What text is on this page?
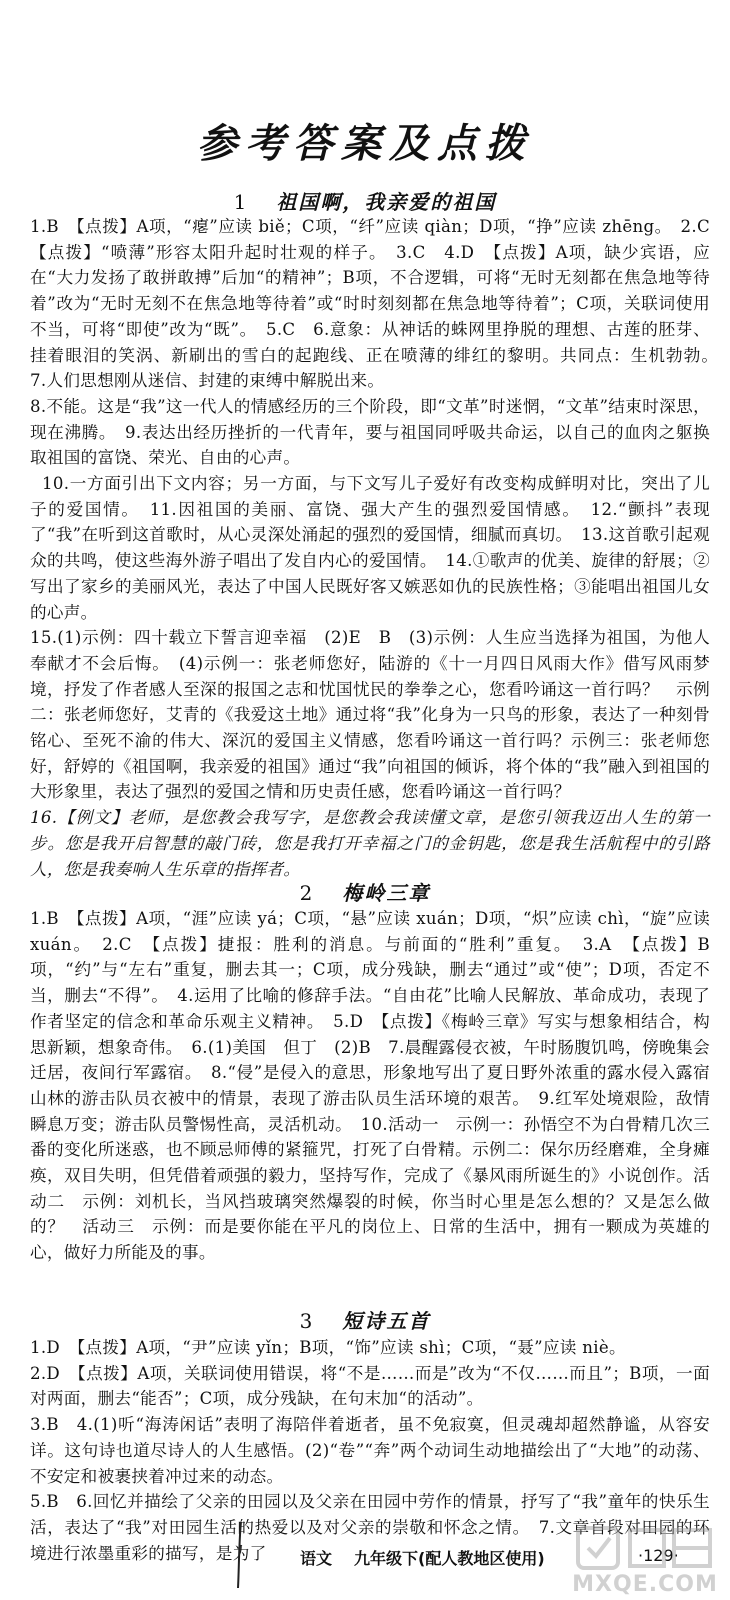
参考答案及点拨
1 祖国啊，我亲爱的祖国

1.B　【点拨】A项，“瘪”应读 biě；C项，“纤”应读 qiàn；D项，“挣”应读 zhēng。　2.C　【点拨】“喷薄”形容太阳升起时壮观的样子。　3.C　4.D　【点拨】A项，缺少宾语，应在“大力发扬了敢拼敢搏”后加“的精神”；B项，不合逻辑，可将“无时无刻都在焦急地等待着”改为“无时无刻不在焦急地等待着”或“时时刻刻都在焦急地等待着”；C项，关联词使用不当，可将“即使”改为“既”。　5.C　6.意象：从神话的蛛网里挣脱的理想、古莲的胚芽、挂着眼泪的笑涡、新刷出的雪白的起跑线、正在喷薄的绯红的黎明。共同点：生机勃勃。　7.人们思想刚从迷信、封建的束缚中解脱出来。

8.不能。这是“我”这一代人的情感经历的三个阶段，即“文革”时迷惘，“文革”结束时深思，现在沸腾。　9.表达出经历挫折的一代青年，要与祖国同呼吸共命运，以自己的血肉之躯换取祖国的富饶、荣光、自由的心声。

10.一方面引出下文内容；另一方面，与下文写儿子爱好有改变构成鲜明对比，突出了儿子的爱国情。　11.因祖国的美丽、富饶、强大产生的强烈爱国情感。　12.“颤抖”表现了“我”在听到这首歌时，从心灵深处涌起的强烈的爱国情，细腻而真切。　13.这首歌引起观众的共鸣，使这些海外游子唱出了发自内心的爱国情。　14.①歌声的优美、旋律的舒展；②写出了家乡的美丽风光，表达了中国人民既好客又嫉恶如仇的民族性格；③能唱出祖国儿女的心声。

15.(1)示例：四十载立下誓言迎幸福　(2)E　B　(3)示例：人生应当选择为祖国，为他人奉献才不会后悔。　(4)示例一：张老师您好，陆游的《十一月四日风雨大作》借写风雨梦境，抒发了作者感人至深的报国之志和忧国忧民的拳拳之心，您看吟诵这一首行吗？　示例二：张老师您好，艾青的《我爱这土地》通过将“我”化身为一只鸟的形象，表达了一种刻骨铭心、至死不渝的伟大、深沉的爱国主义情感，您看吟诵这一首行吗？示例三：张老师您好，舒婷的《祖国啊，我亲爱的祖国》通过“我”向祖国的倾诉，将个体的“我”融入到祖国的大形象里，表达了强烈的爱国之情和历史责任感，您看吟诵这一首行吗？

16.【例文】老师，是您教会我写字，是您教会我读懂文章，是您引领我迈出人生的第一步。您是我开启智慧的敲门砖，您是我打开幸福之门的金钥匙，您是我生活航程中的引路人，您是我奏响人生乐章的指挥者。

2 梅岭三章

1.B　【点拨】A项，“涯”应读 yá；C项，“悬”应读 xuán；D项，“炽”应读 chì，“旋”应读 xuán。　2.C　【点拨】捷报：胜利的消息。与前面的“胜利”重复。　3.A　【点拨】B项，“约”与“左右”重复，删去其一；C项，成分残缺，删去“通过”或“使”；D项，否定不当，删去“不得”。　4.运用了比喻的修辞手法。“自由花”比喻人民解放、革命成功，表现了作者坚定的信念和革命乐观主义精神。　5.D　【点拨】《梅岭三章》写实与想象相结合，构思新颖，想象奇伟。　6.(1)美国　但丁　(2)B　7.晨醒露侵衣被，午时肠腹饥鸣，傍晚集会迁居，夜间行军露宿。　8.“侵”是侵入的意思，形象地写出了夏日野外浓重的露水侵入露宿山林的游击队员衣被中的情景，表现了游击队员生活环境的艰苦。　9.红军处境艰险，敌情瞬息万变；游击队员警惕性高，灵活机动。　10.活动一　示例一：孙悟空不为白骨精几次三番的变化所迷惑，也不顾忌师傅的紧箍咒，打死了白骨精。示例二：保尔历经磨难，全身瘫痪，双目失明，但凭借着顽强的毅力，坚持写作，完成了《暴风雨所诞生的》小说创作。活动二　示例：刘机长，当风挡玻璃突然爆裂的时候，你当时心里是怎么想的？又是怎么做的？　活动三　示例：而是要你能在平凡的岗位上、日常的生活中，拥有一颗成为英雄的心，做好力所能及的事。

3 短诗五首

1.D　【点拨】A项，“尹”应读 yǐn；B项，“饰”应读 shì；C项，“聂”应读 niè。

2.D　【点拨】A项，关联词使用错误，将“不是……而是”改为“不仅……而且”；B项，一面对两面，删去“能否”；C项，成分残缺，在句末加“的活动”。

3.B　4.(1)听“海涛闲话”表明了海陪伴着逝者，虽不免寂寞，但灵魂却超然静谧，从容安详。这句诗也道尽诗人的人生感悟。(2)“卷”“奔”两个动词生动地描绘出了“大地”的动荡、不安定和被裹挟着冲过来的动态。

5.B　6.回忆并描绘了父亲的田园以及父亲在田园中劳作的情景，抒写了“我”童年的快乐生活，表达了“我”对田园生活的热爱以及对父亲的崇敬和怀念之情。　7.文章首段对田园的环境进行浓墨重彩的描写，是为了	语文 九年级下(配人教地区使用)	·129·
MXQE.COM
